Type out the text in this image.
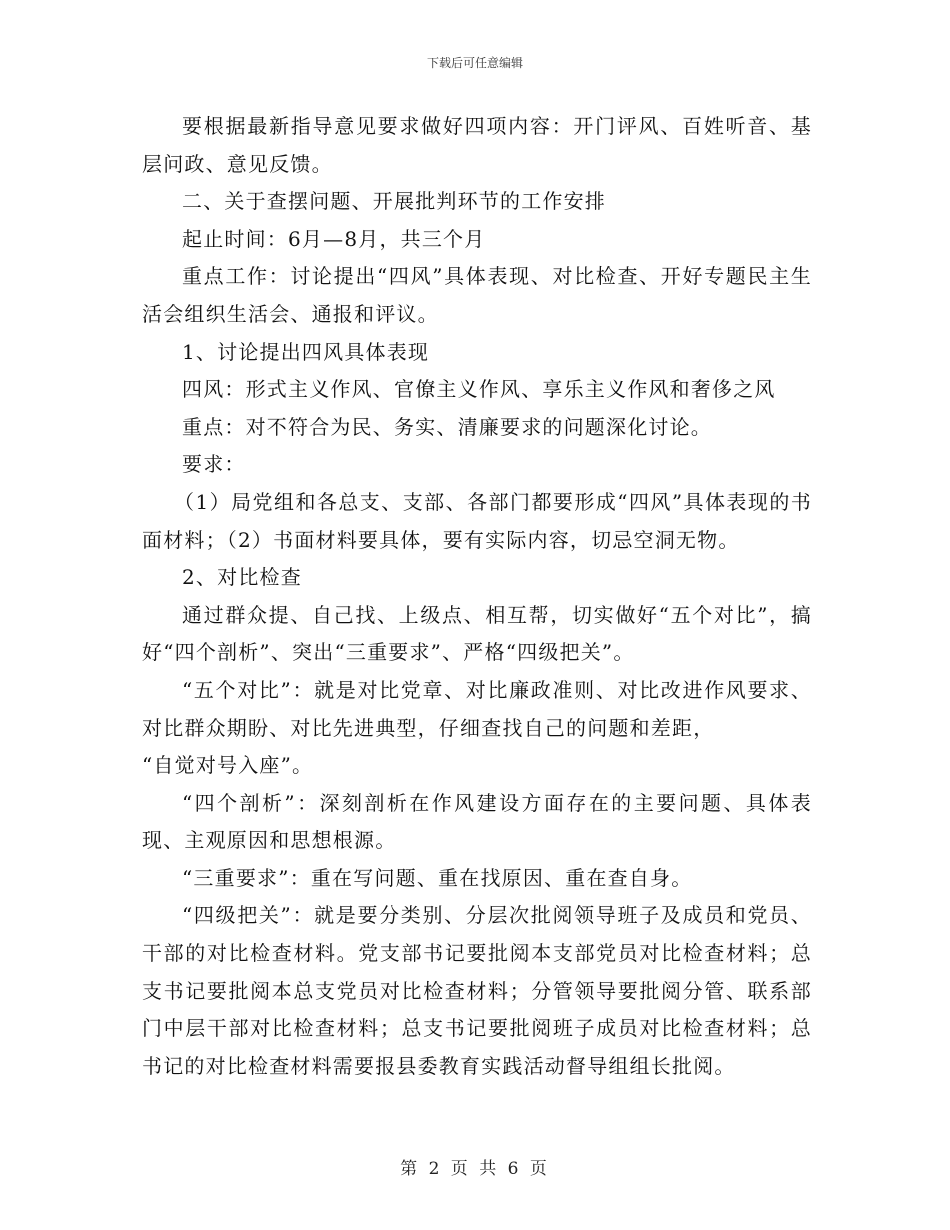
下载后可任意编辑

要根据最新指导意见要求做好四项内容：开门评风、百姓听音、基层问政、意见反馈。

二、关于查摆问题、开展批判环节的工作安排

起止时间：6月—8月，共三个月

重点工作：讨论提出“四风”具体表现、对比检查、开好专题民主生活会组织生活会、通报和评议。

1、讨论提出四风具体表现

四风：形式主义作风、官僚主义作风、享乐主义作风和奢侈之风

重点：对不符合为民、务实、清廉要求的问题深化讨论。

要求：

（1）局党组和各总支、支部、各部门都要形成“四风”具体表现的书面材料；（2）书面材料要具体，要有实际内容，切忌空洞无物。

2、对比检查

通过群众提、自己找、上级点、相互帮，切实做好“五个对比”，搞好“四个剖析”、突出“三重要求”、严格“四级把关”。

“五个对比”：就是对比党章、对比廉政准则、对比改进作风要求、对比群众期盼、对比先进典型，仔细查找自己的问题和差距，

“自觉对号入座”。

“四个剖析”：深刻剖析在作风建设方面存在的主要问题、具体表现、主观原因和思想根源。

“三重要求”：重在写问题、重在找原因、重在查自身。

“四级把关”：就是要分类别、分层次批阅领导班子及成员和党员、干部的对比检查材料。党支部书记要批阅本支部党员对比检查材料；总支书记要批阅本总支党员对比检查材料；分管领导要批阅分管、联系部门中层干部对比检查材料；总支书记要批阅班子成员对比检查材料；总书记的对比检查材料需要报县委教育实践活动督导组组长批阅。

第 2 页 共 6 页
